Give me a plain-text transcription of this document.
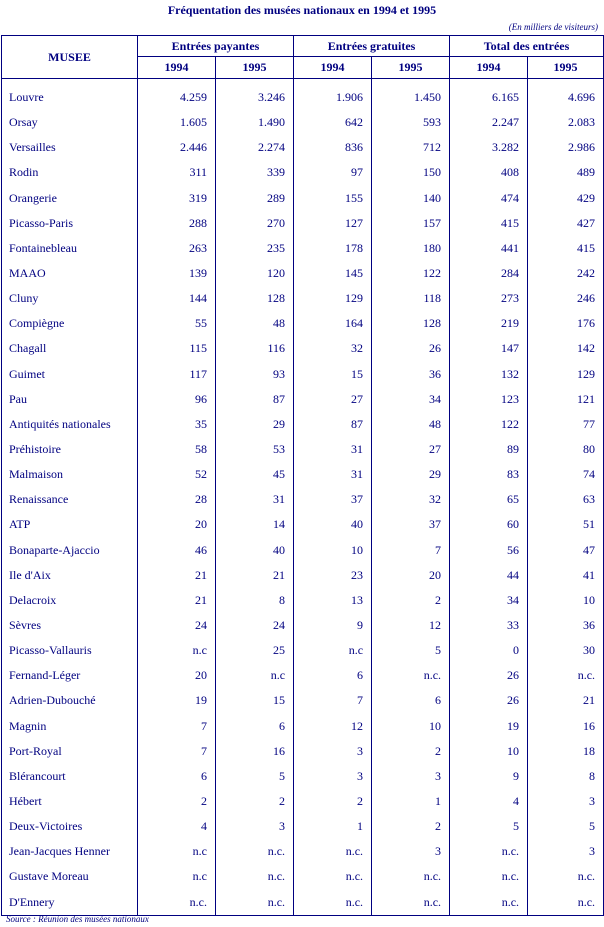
Fréquentation des musées nationaux en 1994 et 1995
(En milliers de visiteurs)
MUSEE	Entrées payantes		Entrées gratuites		Total des entrées	
	1994	1995	1994	1995	1994	1995
Louvre	4.259	3.246	1.906	1.450	6.165	4.696
Orsay	1.605	1.490	642	593	2.247	2.083
Versailles	2.446	2.274	836	712	3.282	2.986
Rodin	311	339	97	150	408	489
Orangerie	319	289	155	140	474	429
Picasso-Paris	288	270	127	157	415	427
Fontainebleau	263	235	178	180	441	415
MAAO	139	120	145	122	284	242
Cluny	144	128	129	118	273	246
Compiègne	55	48	164	128	219	176
Chagall	115	116	32	26	147	142
Guimet	117	93	15	36	132	129
Pau	96	87	27	34	123	121
Antiquités nationales	35	29	87	48	122	77
Préhistoire	58	53	31	27	89	80
Malmaison	52	45	31	29	83	74
Renaissance	28	31	37	32	65	63
ATP	20	14	40	37	60	51
Bonaparte-Ajaccio	46	40	10	7	56	47
Ile d'Aix	21	21	23	20	44	41
Delacroix	21	8	13	2	34	10
Sèvres	24	24	9	12	33	36
Picasso-Vallauris	n.c	25	n.c	5	0	30
Fernand-Léger	20	n.c	6	n.c.	26	n.c.
Adrien-Dubouché	19	15	7	6	26	21
Magnin	7	6	12	10	19	16
Port-Royal	7	16	3	2	10	18
Blérancourt	6	5	3	3	9	8
Hébert	2	2	2	1	4	3
Deux-Victoires	4	3	1	2	5	5
Jean-Jacques Henner	n.c	n.c.	n.c.	3	n.c.	3
Gustave Moreau	n.c	n.c.	n.c.	n.c.	n.c.	n.c.
D'Ennery	n.c.	n.c.	n.c.	n.c.	n.c.	n.c.
Source : Réunion des musées nationaux
